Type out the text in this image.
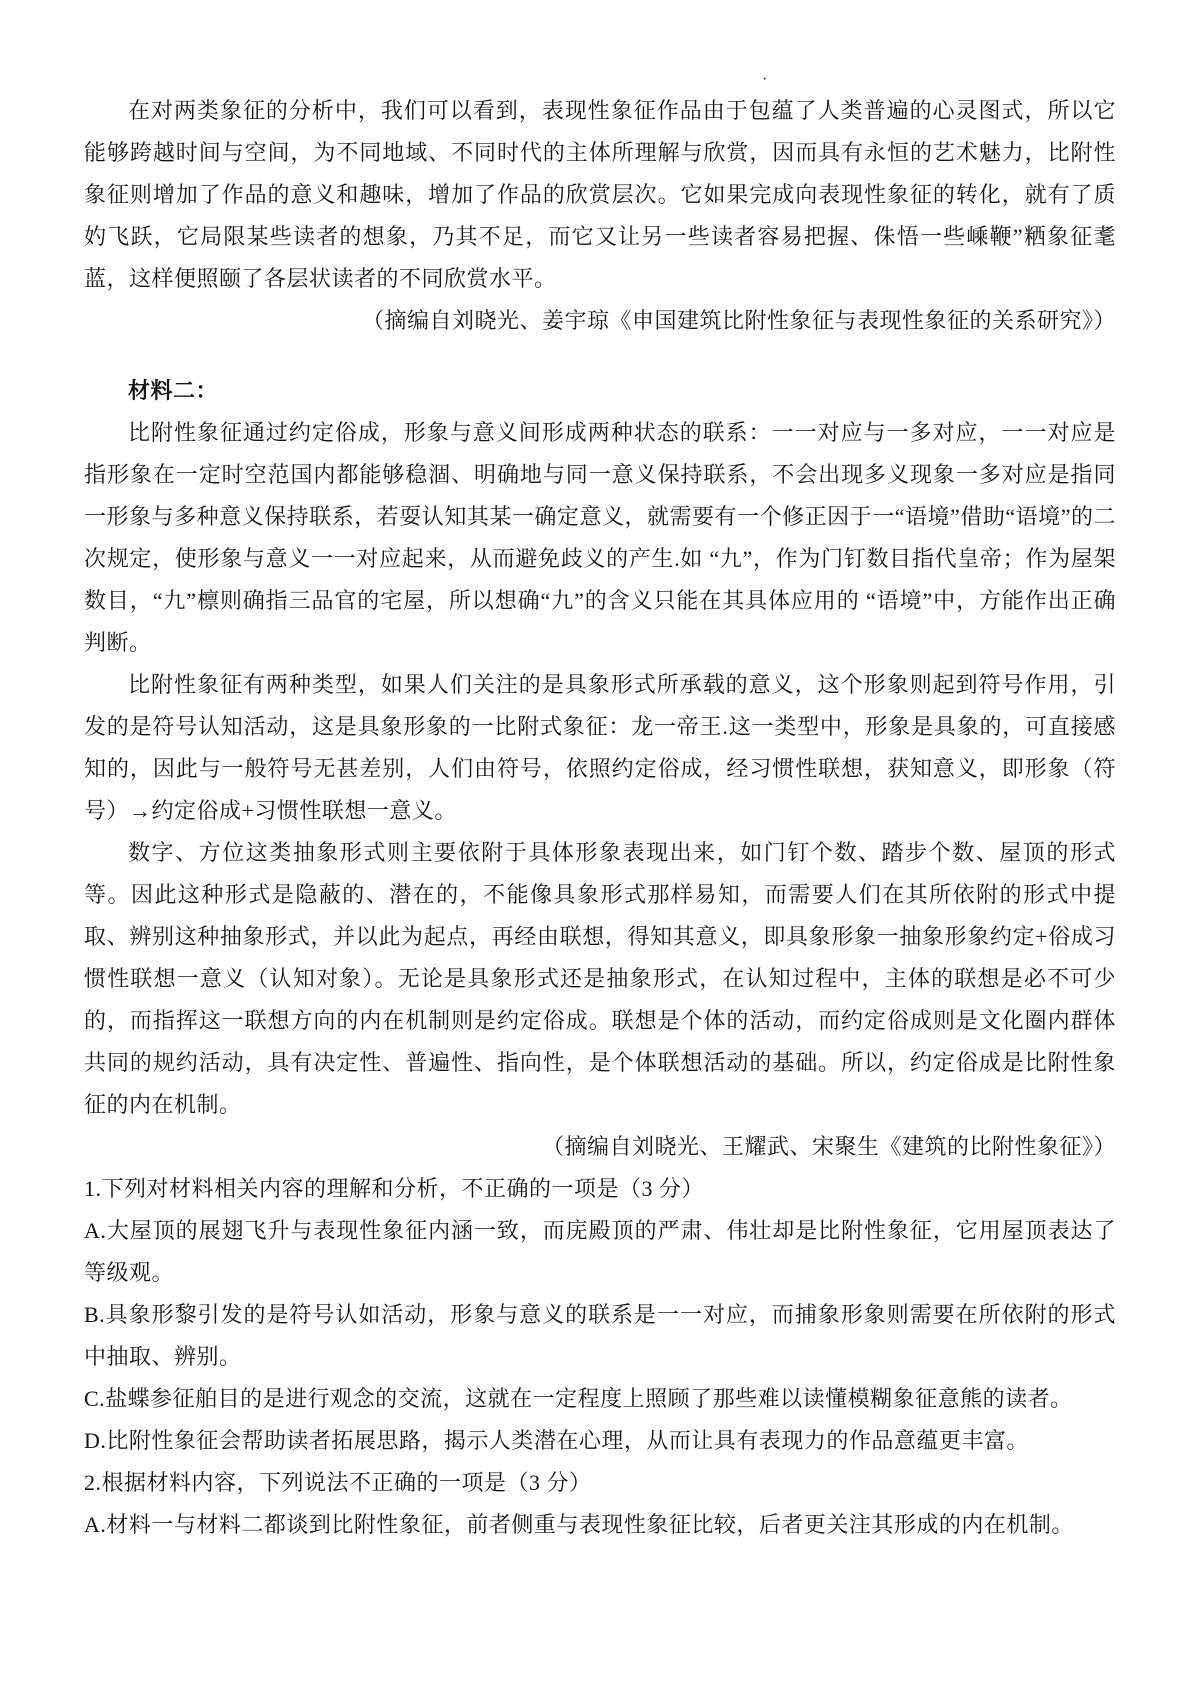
·

在对两类象征的分析中，我们可以看到，表现性象征作品由于包蕴了人类普遍的心灵图式，所以它能够跨越时间与空间，为不同地域、不同时代的主体所理解与欣赏，因而具有永恒的艺术魅力，比附性象征则增加了作品的意义和趣味，增加了作品的欣赏层次。它如果完成向表现性象征的转化，就有了质妁飞跃，它局限某些读者的想象，乃其不足，而它又让另一些读者容易把握、侏悟一些嵊鞭”粞象征耄蓝，这样便照颐了各层状读者的不同欣赏水平。

（摘编自刘晓光、姜宇琼《申国建筑比附性象征与表现性象征的关系研究》）

材料二：

比附性象征通过约定俗成，形象与意义间形成两种状态的联系：一一对应与一多对应，一一对应是指形象在一定时空范国内都能够稳涸、明确地与同一意义保持联系，不会出现多义现象一多对应是指同一形象与多种意义保持联系，若耍认知其某一确定意义，就需要有一个修正因于一“语境”借助“语境”的二次规定，使形象与意义一一对应起来，从而避免歧义的产生.如 “九”，作为门钉数目指代皇帝；作为屋架数目，“九”檩则确指三品官的宅屋，所以想确“九”的含义只能在其具体应用的 “语境”中，方能作出正确判断。

比附性象征有两种类型，如果人们关注的是具象形式所承载的意义，这个形象则起到符号作用，引发的是符号认知活动，这是具象形象的一比附式象征：龙一帝王.这一类型中，形象是具象的，可直接感知的，因此与一般符号无甚差别，人们由符号，依照约定俗成，经习惯性联想，获知意义，即形象（符号）→约定俗成+习惯性联想一意义。

数字、方位这类抽象形式则主要依附于具体形象表现出来，如门钉个数、踏步个数、屋顶的形式等。因此这种形式是隐蔽的、潜在的，不能像具象形式那样易知，而需要人们在其所依附的形式中提取、辨别这种抽象形式，并以此为起点，再经由联想，得知其意义，即具象形象一抽象形象约定+俗成习惯性联想一意义（认知对象）。无论是具象形式还是抽象形式，在认知过程中，主体的联想是必不可少的，而指挥这一联想方向的内在机制则是约定俗成。联想是个体的活动，而约定俗成则是文化圈内群体共同的规约活动，具有决定性、普遍性、指向性，是个体联想活动的基础。所以，约定俗成是比附性象征的内在机制。

（摘编自刘晓光、王耀武、宋聚生《建筑的比附性象征》）

1.下列对材料相关内容的理解和分析，不正确的一项是（3 分）

A.大屋顶的展翅飞升与表现性象征内涵一致，而庑殿顶的严肃、伟壮却是比附性象征，它用屋顶表达了等级观。

B.具象形黎引发的是符号认如活动，形象与意义的联系是一一对应，而捕象形象则需要在所依附的形式中抽取、辨别。

C.盐蝶参征舶目的是进行观念的交流，这就在一定程度上照顾了那些难以读懂模糊象征意熊的读者。

D.比附性象征会帮助读者拓展思路，揭示人类潜在心理，从而让具有表现力的作品意蕴更丰富。

2.根据材料内容，下列说法不正确的一项是（3 分）

A.材料一与材料二都谈到比附性象征，前者侧重与表现性象征比较，后者更关注其形成的内在机制。
